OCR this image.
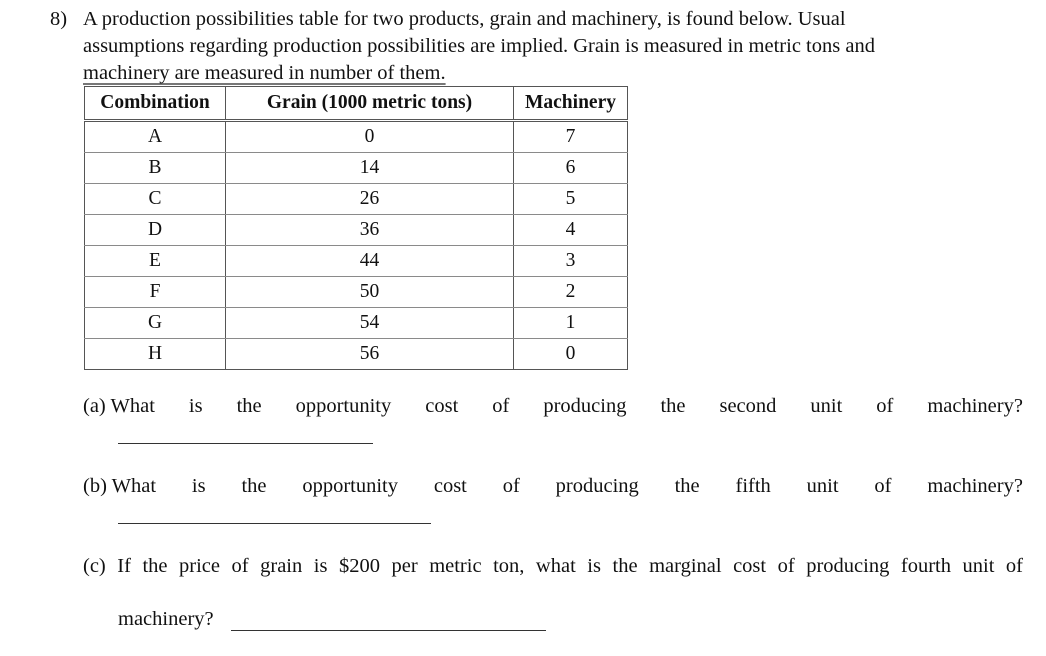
8) A production possibilities table for two products, grain and machinery, is found below. Usual
assumptions regarding production possibilities are implied. Grain is measured in metric tons and
machinery are measured in number of them.
Combination	Grain (1000 metric tons)	Machinery
A	0	7
B	14	6
C	26	5
D	36	4
E	44	3
F	50	2
G	54	1
H	56	0
(a) What is the opportunity cost of producing the second unit of machinery?
(b) What is the opportunity cost of producing the fifth unit of machinery?
(c) If the price of grain is $200 per metric ton, what is the marginal cost of producing fourth unit of
machinery?
